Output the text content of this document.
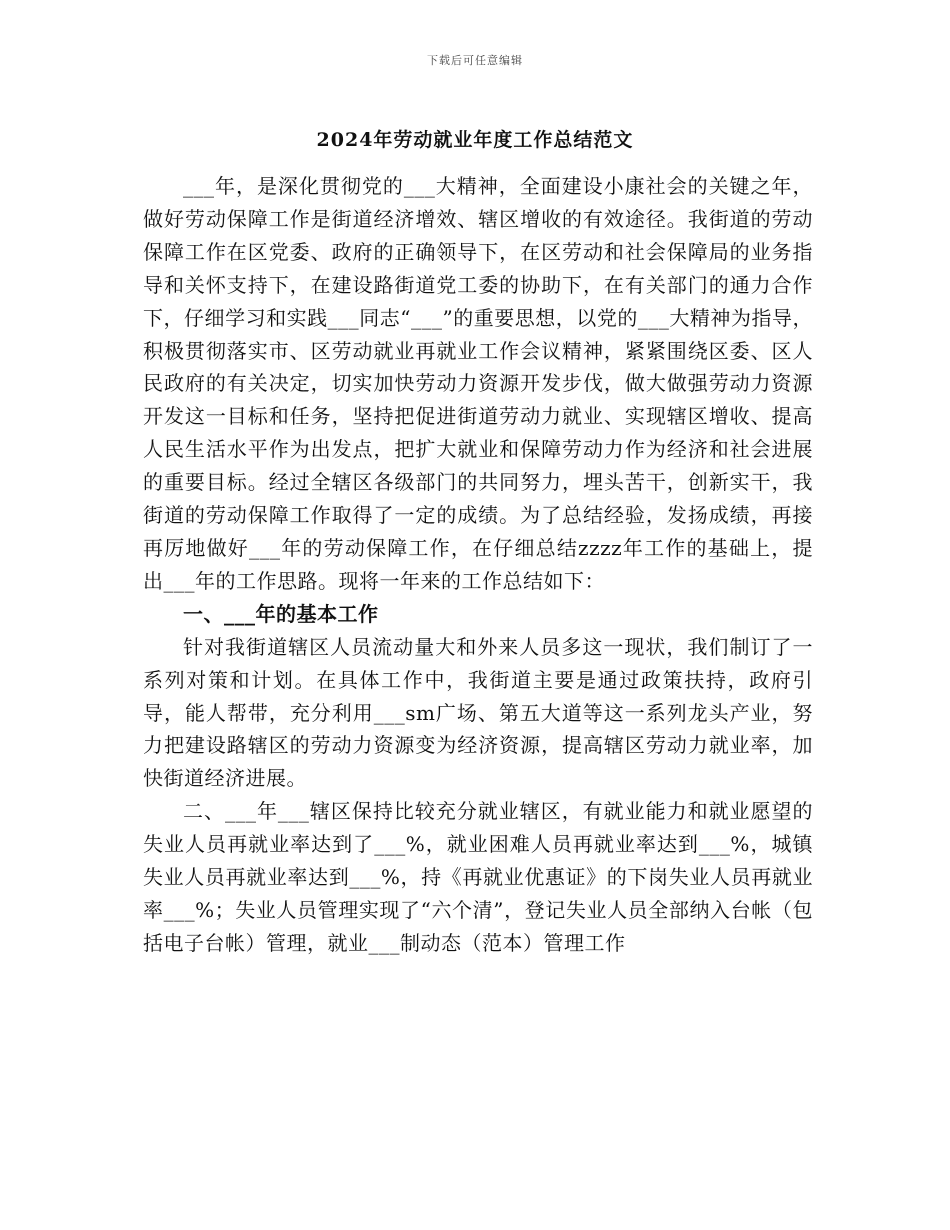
下载后可任意编辑
2024年劳动就业年度工作总结范文

___年，是深化贯彻党的___大精神，全面建设小康社会的关键之年，做好劳动保障工作是街道经济增效、辖区增收的有效途径。我街道的劳动保障工作在区党委、政府的正确领导下，在区劳动和社会保障局的业务指导和关怀支持下，在建设路街道党工委的协助下，在有关部门的通力合作下，仔细学习和实践___同志“___”的重要思想，以党的___大精神为指导，积极贯彻落实市、区劳动就业再就业工作会议精神，紧紧围绕区委、区人民政府的有关决定，切实加快劳动力资源开发步伐，做大做强劳动力资源开发这一目标和任务，坚持把促进街道劳动力就业、实现辖区增收、提高人民生活水平作为出发点，把扩大就业和保障劳动力作为经济和社会进展的重要目标。经过全辖区各级部门的共同努力，埋头苦干，创新实干，我街道的劳动保障工作取得了一定的成绩。为了总结经验，发扬成绩，再接再厉地做好___年的劳动保障工作，在仔细总结zzzz年工作的基础上，提出___年的工作思路。现将一年来的工作总结如下：

一、___年的基本工作

针对我街道辖区人员流动量大和外来人员多这一现状，我们制订了一系列对策和计划。在具体工作中，我街道主要是通过政策扶持，政府引导，能人帮带，充分利用___sm广场、第五大道等这一系列龙头产业，努力把建设路辖区的劳动力资源变为经济资源，提高辖区劳动力就业率，加快街道经济进展。

二、___年___辖区保持比较充分就业辖区，有就业能力和就业愿望的失业人员再就业率达到了___%，就业困难人员再就业率达到___%，城镇失业人员再就业率达到___%，持《再就业优惠证》的下岗失业人员再就业率___%；失业人员管理实现了“六个清”，登记失业人员全部纳入台帐（包括电子台帐）管理，就业___制动态（范本）管理工作
